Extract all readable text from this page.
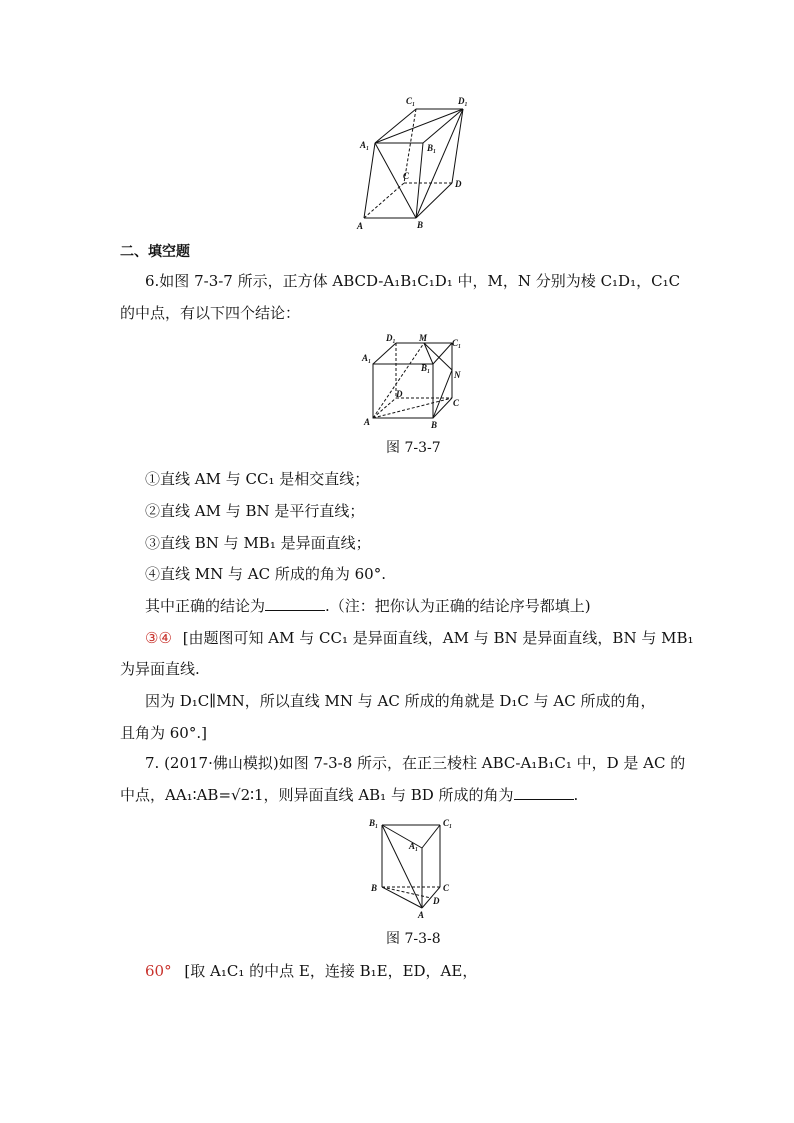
C₁	D₁
A₁	B₁
C
D
A	B
二、填空题
6.如图 7-3-7 所示，正方体 ABCD-A₁B₁C₁D₁ 中，M，N 分别为棱 C₁D₁，C₁C
的中点，有以下四个结论：
D₁	M	C₁
A₁
B₁
N
D
C
A	B
图 7-3-7
①直线 AM 与 CC₁ 是相交直线；
②直线 AM 与 BN 是平行直线；
③直线 BN 与 MB₁ 是异面直线；
④直线 MN 与 AC 所成的角为 60°.
其中正确的结论为	.（注：把你认为正确的结论序号都填上)
③④ [由题图可知 AM 与 CC₁ 是异面直线，AM 与 BN 是异面直线，BN 与 MB₁
为异面直线.
因为 D₁C∥MN，所以直线 MN 与 AC 所成的角就是 D₁C 与 AC 所成的角，
且角为 60°.]
7. (2017·佛山模拟)如图 7-3-8 所示，在正三棱柱 ABC-A₁B₁C₁ 中，D 是 AC 的
中点，AA₁∶AB=√2∶1，则异面直线 AB₁ 与 BD 所成的角为	.
B₁	C₁
A₁
B	C
D
A
图 7-3-8
60° [取 A₁C₁ 的中点 E，连接 B₁E，ED，AE，
